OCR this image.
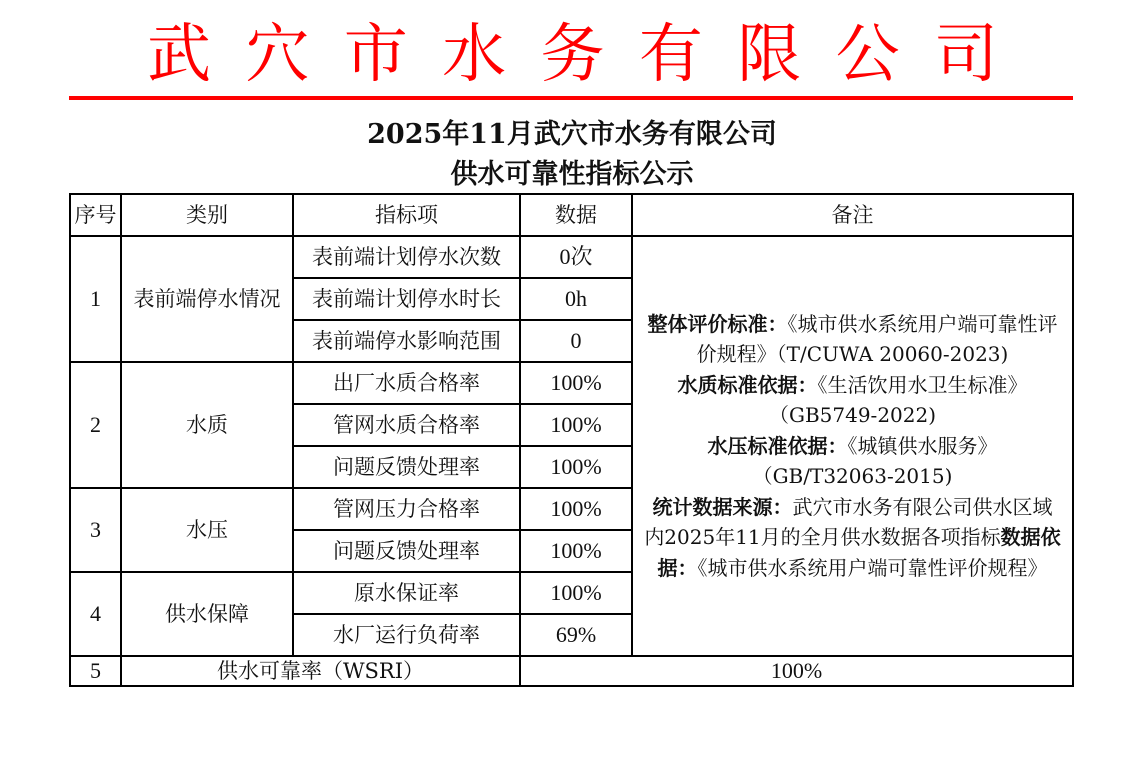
武 穴 市 水 务 有 限 公 司
2025年11月武穴市水务有限公司
供水可靠性指标公示
序号	类别	指标项	数据	备注
1	表前端停水情况	表前端计划停水次数	0次	整体评价标准：《城市供水系统用户端可靠性评价规程》（T/CUWA 20060-2023)

水质标准依据：《生活饮用水卫生标准》（GB5749-2022)

水压标准依据：《城镇供水服务》（GB/T32063-2015)

统计数据来源：武穴市水务有限公司供水区域内2025年11月的全月供水数据各项指标数据依据：《城市供水系统用户端可靠性评价规程》

		表前端计划停水时长	0h	
		表前端停水影响范围	0	
2	水质	出厂水质合格率	100%	
		管网水质合格率	100%	
		问题反馈处理率	100%	
3	水压	管网压力合格率	100%	
		问题反馈处理率	100%	
4	供水保障	原水保证率	100%	
		水厂运行负荷率	69%	
5	供水可靠率（WSRI）		100%	
